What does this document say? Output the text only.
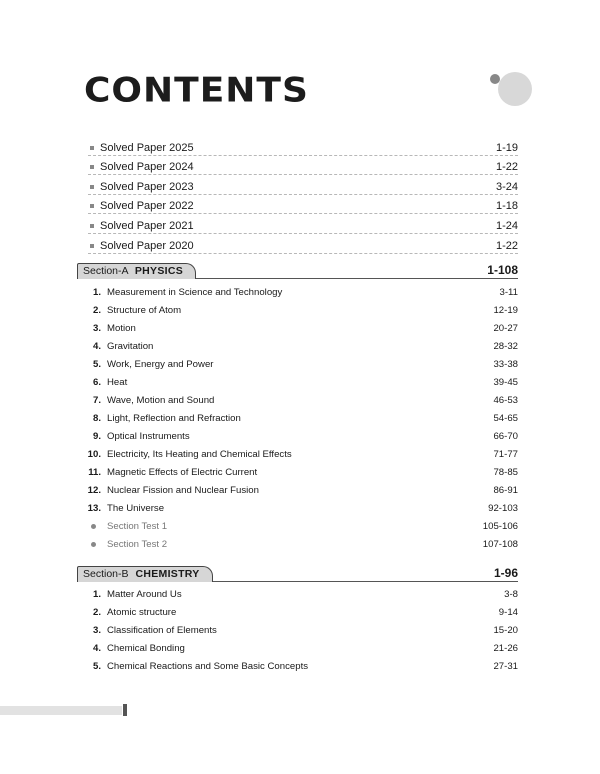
CONTENTS
Solved Paper 2025	1-19
Solved Paper 2024	1-22
Solved Paper 2023	3-24
Solved Paper 2022	1-18
Solved Paper 2021	1-24
Solved Paper 2020	1-22
Section-A PHYSICS	1-108
1. Measurement in Science and Technology	3-11
2. Structure of Atom	12-19
3. Motion	20-27
4. Gravitation	28-32
5. Work, Energy and Power	33-38
6. Heat	39-45
7. Wave, Motion and Sound	46-53
8. Light, Reflection and Refraction	54-65
9. Optical Instruments	66-70
10. Electricity, Its Heating and Chemical Effects	71-77
11. Magnetic Effects of Electric Current	78-85
12. Nuclear Fission and Nuclear Fusion	86-91
13. The Universe	92-103
Section Test 1	105-106
Section Test 2	107-108
Section-B CHEMISTRY	1-96
1. Matter Around Us	3-8
2. Atomic structure	9-14
3. Classification of Elements	15-20
4. Chemical Bonding	21-26
5. Chemical Reactions and Some Basic Concepts	27-31
